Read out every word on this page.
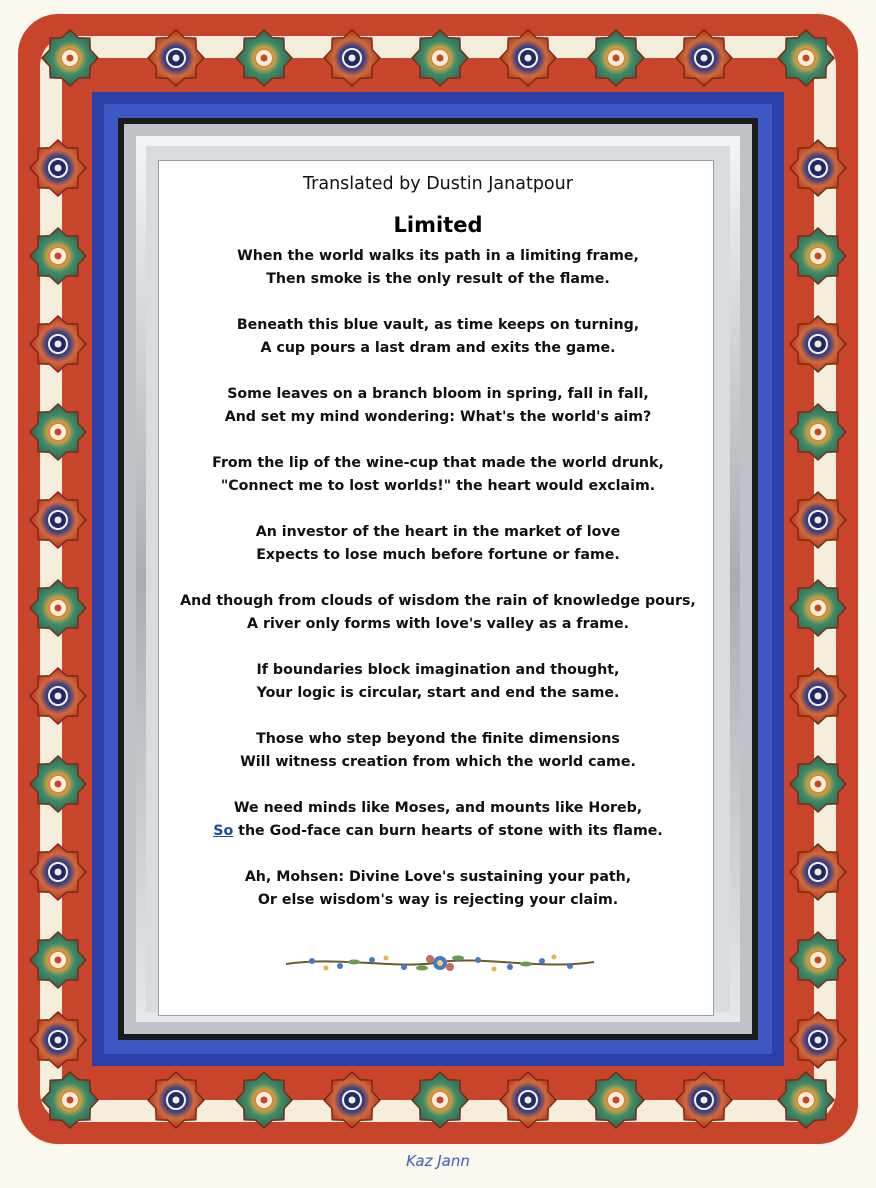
Translated by Dustin Janatpour
Limited
When the world walks its path in a limiting frame,
Then smoke is the only result of the flame.
Beneath this blue vault, as time keeps on turning,
A cup pours a last dram and exits the game.
Some leaves on a branch bloom in spring, fall in fall,
And set my mind wondering: What's the world's aim?
From the lip of the wine-cup that made the world drunk,
"Connect me to lost worlds!" the heart would exclaim.
An investor of the heart in the market of love
Expects to lose much before fortune or fame.
And though from clouds of wisdom the rain of knowledge pours,
A river only forms with love's valley as a frame.
If boundaries block imagination and thought,
Your logic is circular, start and end the same.
Those who step beyond the finite dimensions
Will witness creation from which the world came.
We need minds like Moses, and mounts like Horeb,
So the God-face can burn hearts of stone with its flame.
Ah, Mohsen: Divine Love's sustaining your path,
Or else wisdom's way is rejecting your claim.
Kaz Jann
